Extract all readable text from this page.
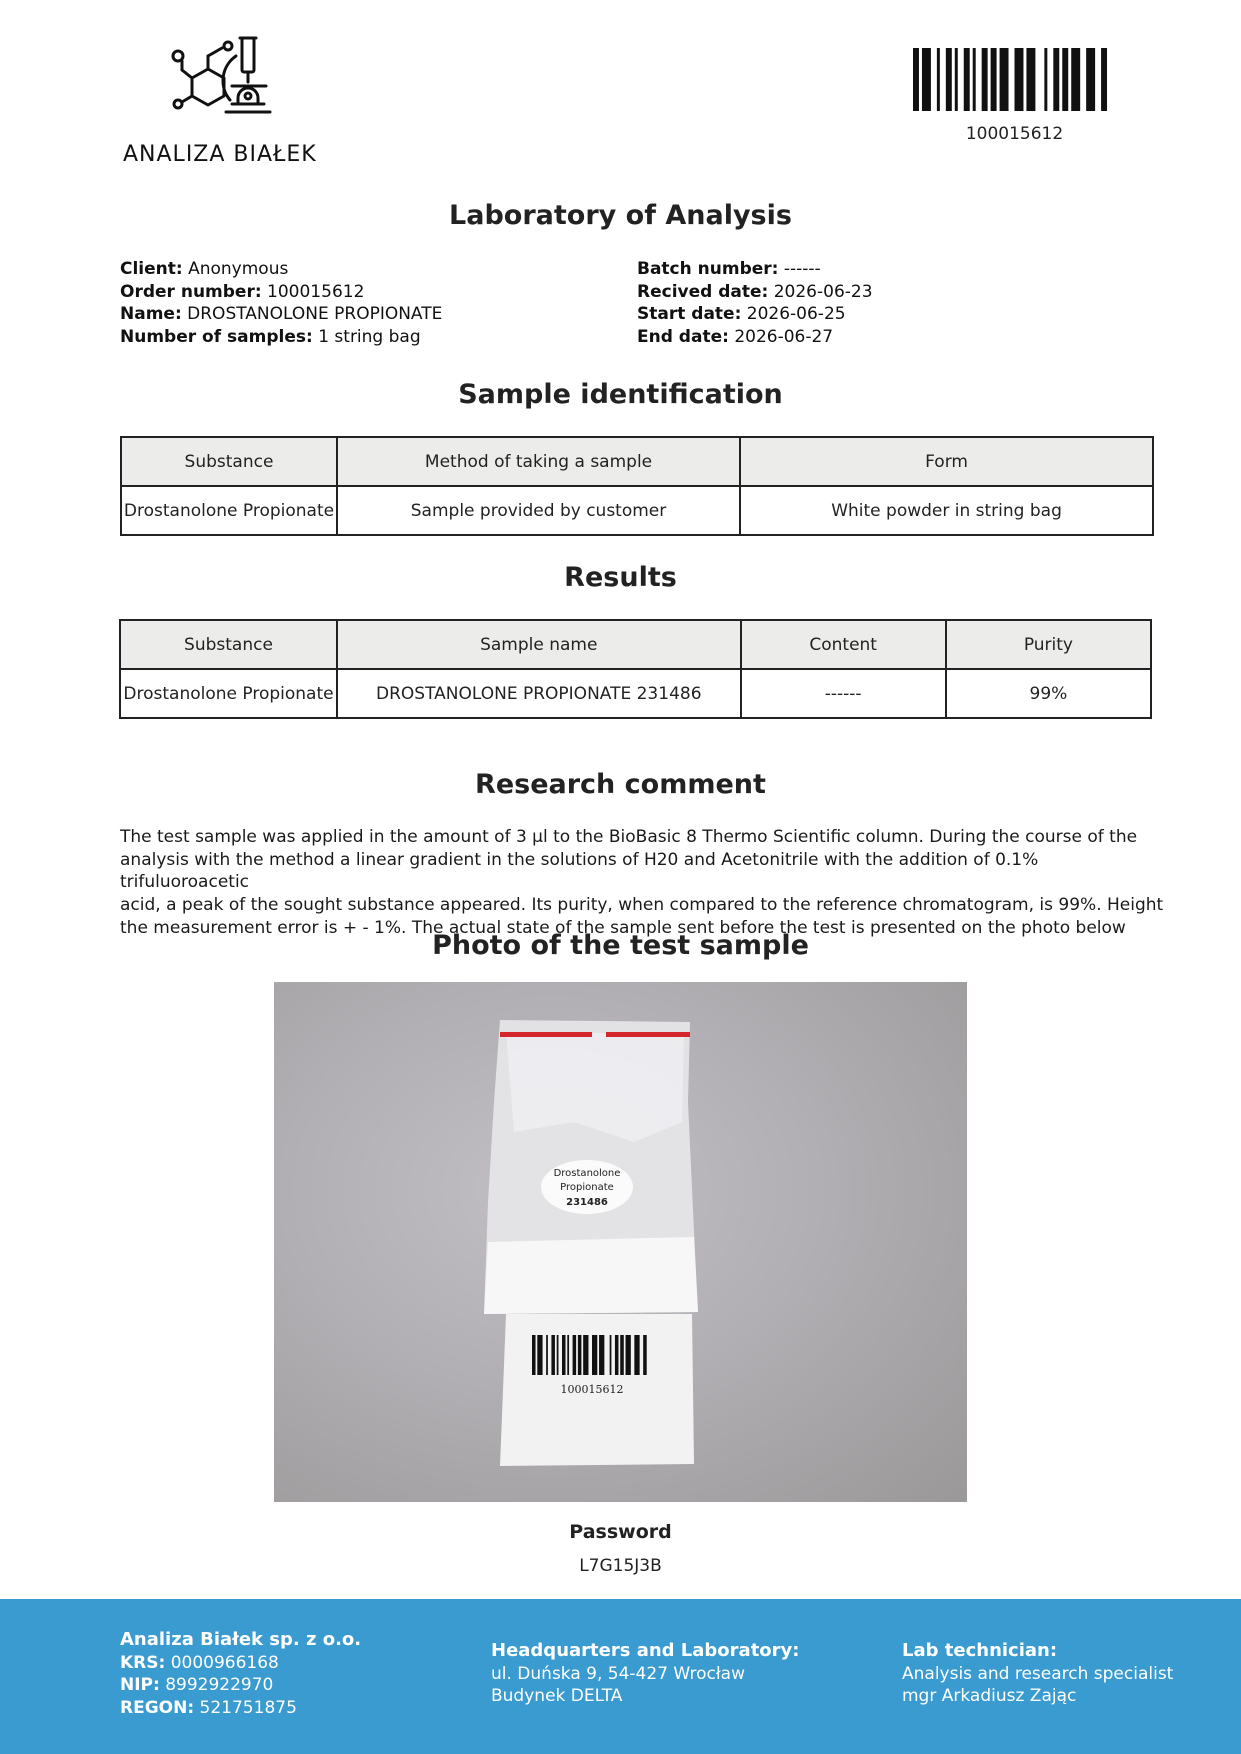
ANALIZA BIAŁEK
100015612
Laboratory of Analysis
Client: Anonymous
Order number: 100015612
Name: DROSTANOLONE PROPIONATE
Number of samples: 1 string bag
Batch number: ------
Recived date: 2026-06-23
Start date: 2026-06-25
End date: 2026-06-27
Sample identification
Substance	Method of taking a sample	Form
Drostanolone Propionate	Sample provided by customer	White powder in string bag
Results
Substance	Sample name	Content	Purity
Drostanolone Propionate	DROSTANOLONE PROPIONATE 231486	------	99%
Research comment
The test sample was applied in the amount of 3 µl to the BioBasic 8 Thermo Scientific column. During the course of the
analysis with the method a linear gradient in the solutions of H20 and Acetonitrile with the addition of 0.1% trifuluoroacetic
acid, a peak of the sought substance appeared. Its purity, when compared to the reference chromatogram, is 99%. Height
the measurement error is + - 1%. The actual state of the sample sent before the test is presented on the photo below
Photo of the test sample
Drostanolone
Propionate
231486
100015612
Password
L7G15J3B
Analiza Białek sp. z o.o.
KRS: 0000966168
NIP: 8992922970
REGON: 521751875
Headquarters and Laboratory:
ul. Duńska 9, 54-427 Wrocław
Budynek DELTA
Lab technician:
Analysis and research specialist
mgr Arkadiusz Zając
